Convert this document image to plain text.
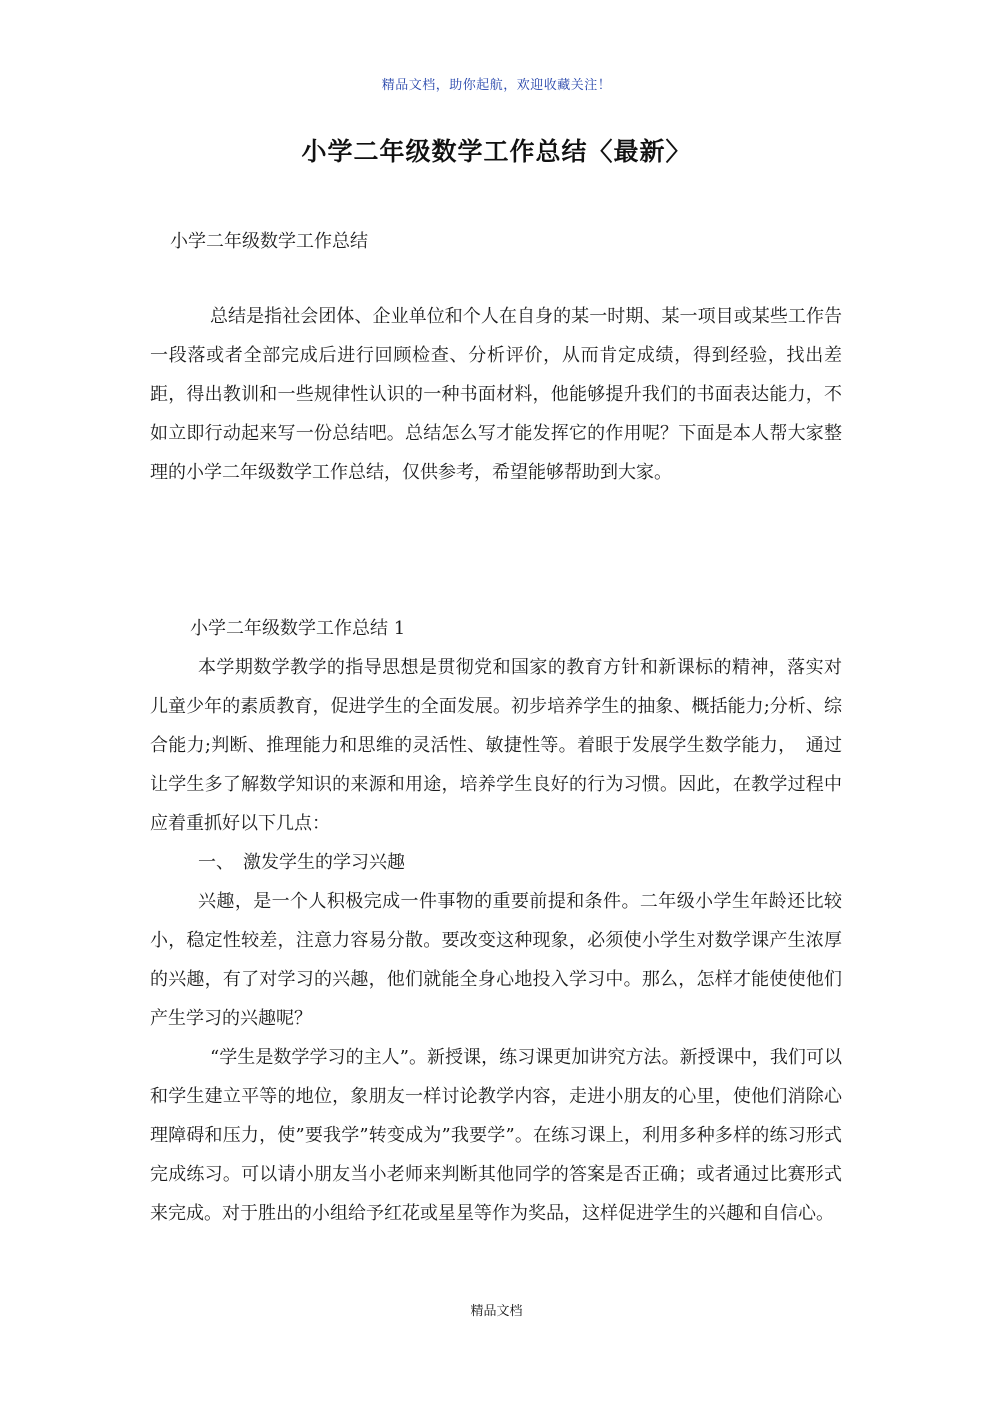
精品文档，助你起航，欢迎收藏关注！
小学二年级数学工作总结〈最新〉
小学二年级数学工作总结

总结是指社会团体、企业单位和个人在自身的某一时期、某一项目或某些工作告一段落或者全部完成后进行回顾检查、分析评价，从而肯定成绩，得到经验，找出差距，得出教训和一些规律性认识的一种书面材料，他能够提升我们的书面表达能力，不如立即行动起来写一份总结吧。总结怎么写才能发挥它的作用呢？下面是本人帮大家整理的小学二年级数学工作总结，仅供参考，希望能够帮助到大家。

小学二年级数学工作总结 1

本学期数学教学的指导思想是贯彻党和国家的教育方针和新课标的精神，落实对儿童少年的素质教育，促进学生的全面发展。初步培养学生的抽象、概括能力;分析、综合能力;判断、推理能力和思维的灵活性、敏捷性等。着眼于发展学生数学能力，　通过让学生多了解数学知识的来源和用途，培养学生良好的行为习惯。因此，在教学过程中应着重抓好以下几点：

一、　激发学生的学习兴趣

兴趣，是一个人积极完成一件事物的重要前提和条件。二年级小学生年龄还比较小，稳定性较差，注意力容易分散。要改变这种现象，必须使小学生对数学课产生浓厚的兴趣，有了对学习的兴趣，他们就能全身心地投入学习中。那么，怎样才能使使他们产生学习的兴趣呢？

“学生是数学学习的主人”。新授课，练习课更加讲究方法。新授课中，我们可以和学生建立平等的地位，象朋友一样讨论教学内容，走进小朋友的心里，使他们消除心理障碍和压力，使”要我学”转变成为”我要学”。在练习课上，利用多种多样的练习形式完成练习。可以请小朋友当小老师来判断其他同学的答案是否正确；或者通过比赛形式来完成。对于胜出的小组给予红花或星星等作为奖品，这样促进学生的兴趣和自信心。

精品文档
